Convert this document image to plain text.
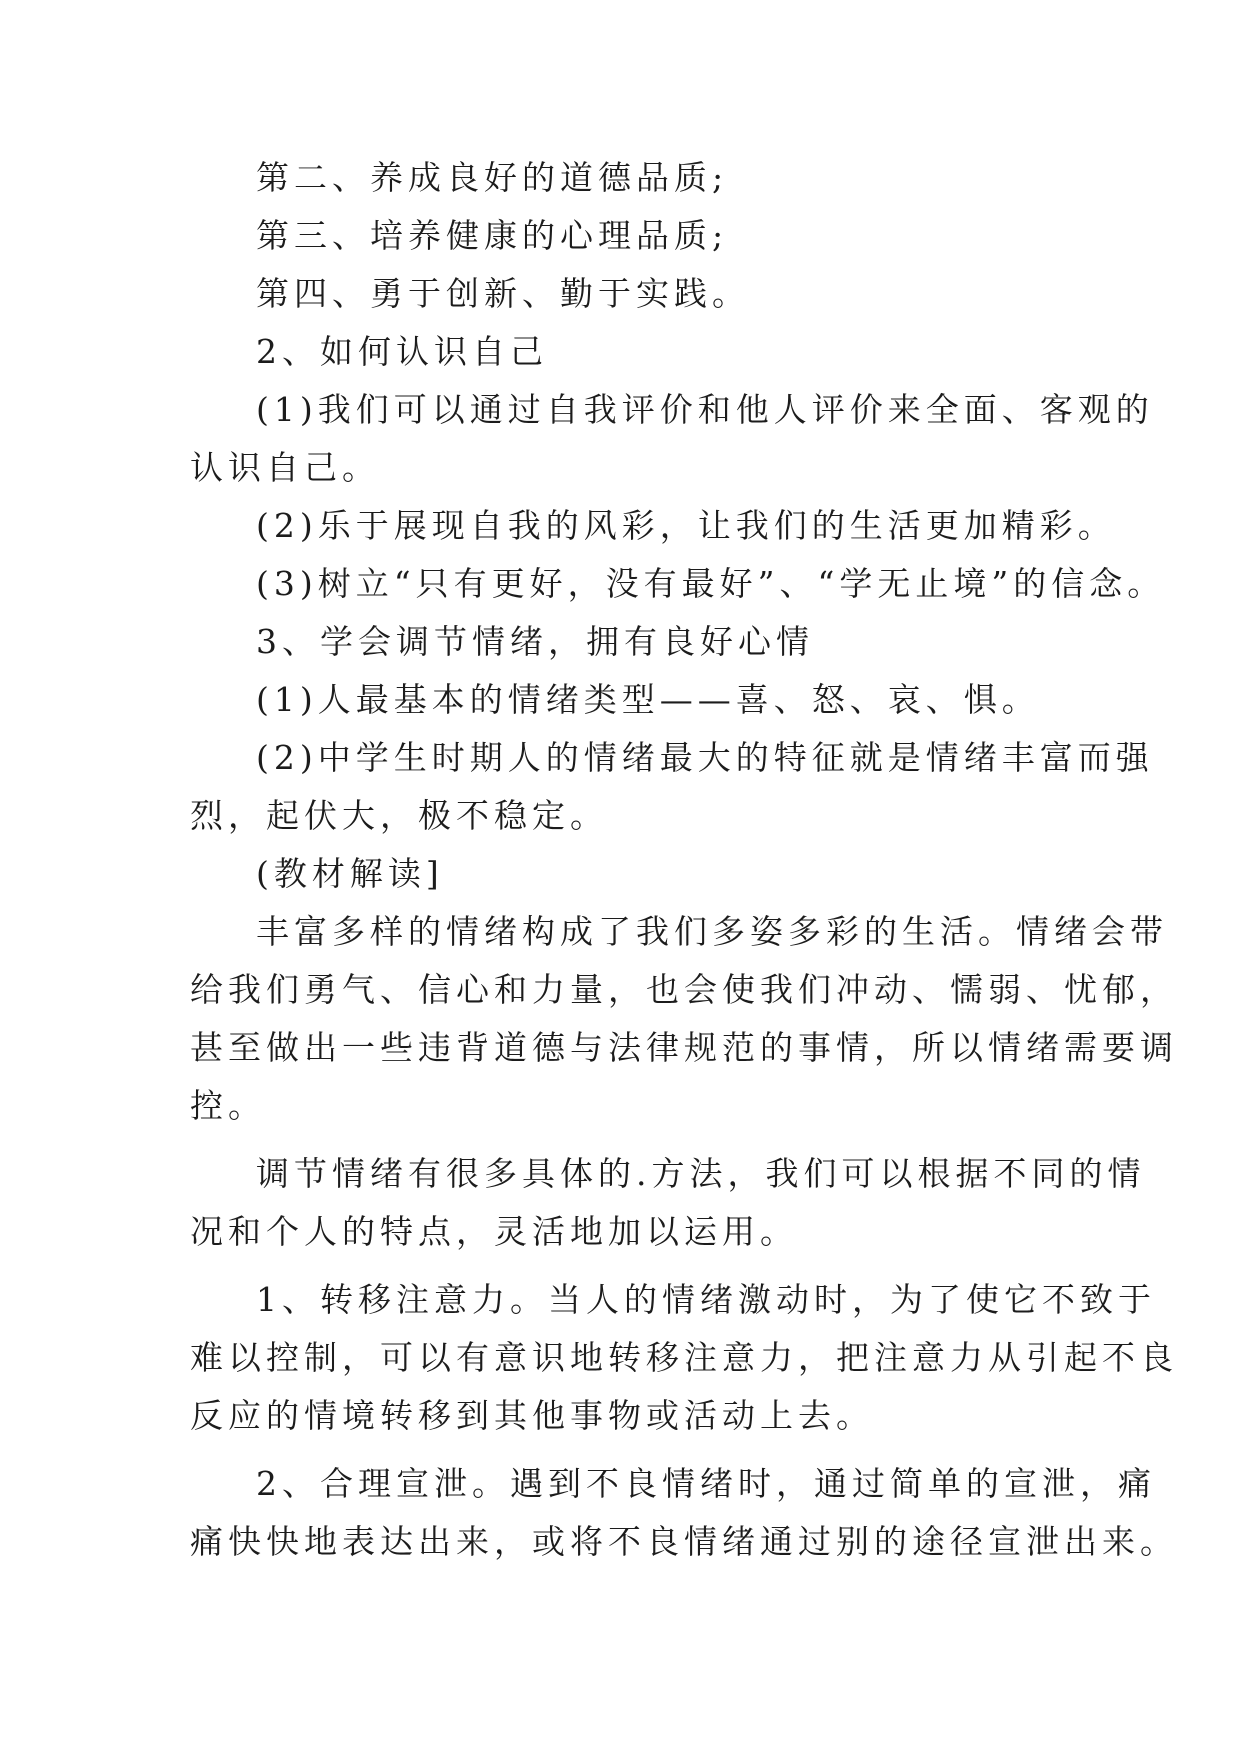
第二、养成良好的道德品质;
第三、培养健康的心理品质;
第四、勇于创新、勤于实践。
2、如何认识自己
(1)我们可以通过自我评价和他人评价来全面、客观的
认识自己。
(2)乐于展现自我的风彩，让我们的生活更加精彩。
(3)树立“只有更好，没有最好”、“学无止境”的信念。
3、学会调节情绪，拥有良好心情
(1)人最基本的情绪类型——喜、怒、哀、惧。
(2)中学生时期人的情绪最大的特征就是情绪丰富而强
烈，起伏大，极不稳定。
(教材解读]
丰富多样的情绪构成了我们多姿多彩的生活。情绪会带
给我们勇气、信心和力量，也会使我们冲动、懦弱、忧郁，
甚至做出一些违背道德与法律规范的事情，所以情绪需要调
控。
调节情绪有很多具体的.方法，我们可以根据不同的情
况和个人的特点，灵活地加以运用。
1、转移注意力。当人的情绪激动时，为了使它不致于
难以控制，可以有意识地转移注意力，把注意力从引起不良
反应的情境转移到其他事物或活动上去。
2、合理宣泄。遇到不良情绪时，通过简单的宣泄，痛
痛快快地表达出来，或将不良情绪通过别的途径宣泄出来。
